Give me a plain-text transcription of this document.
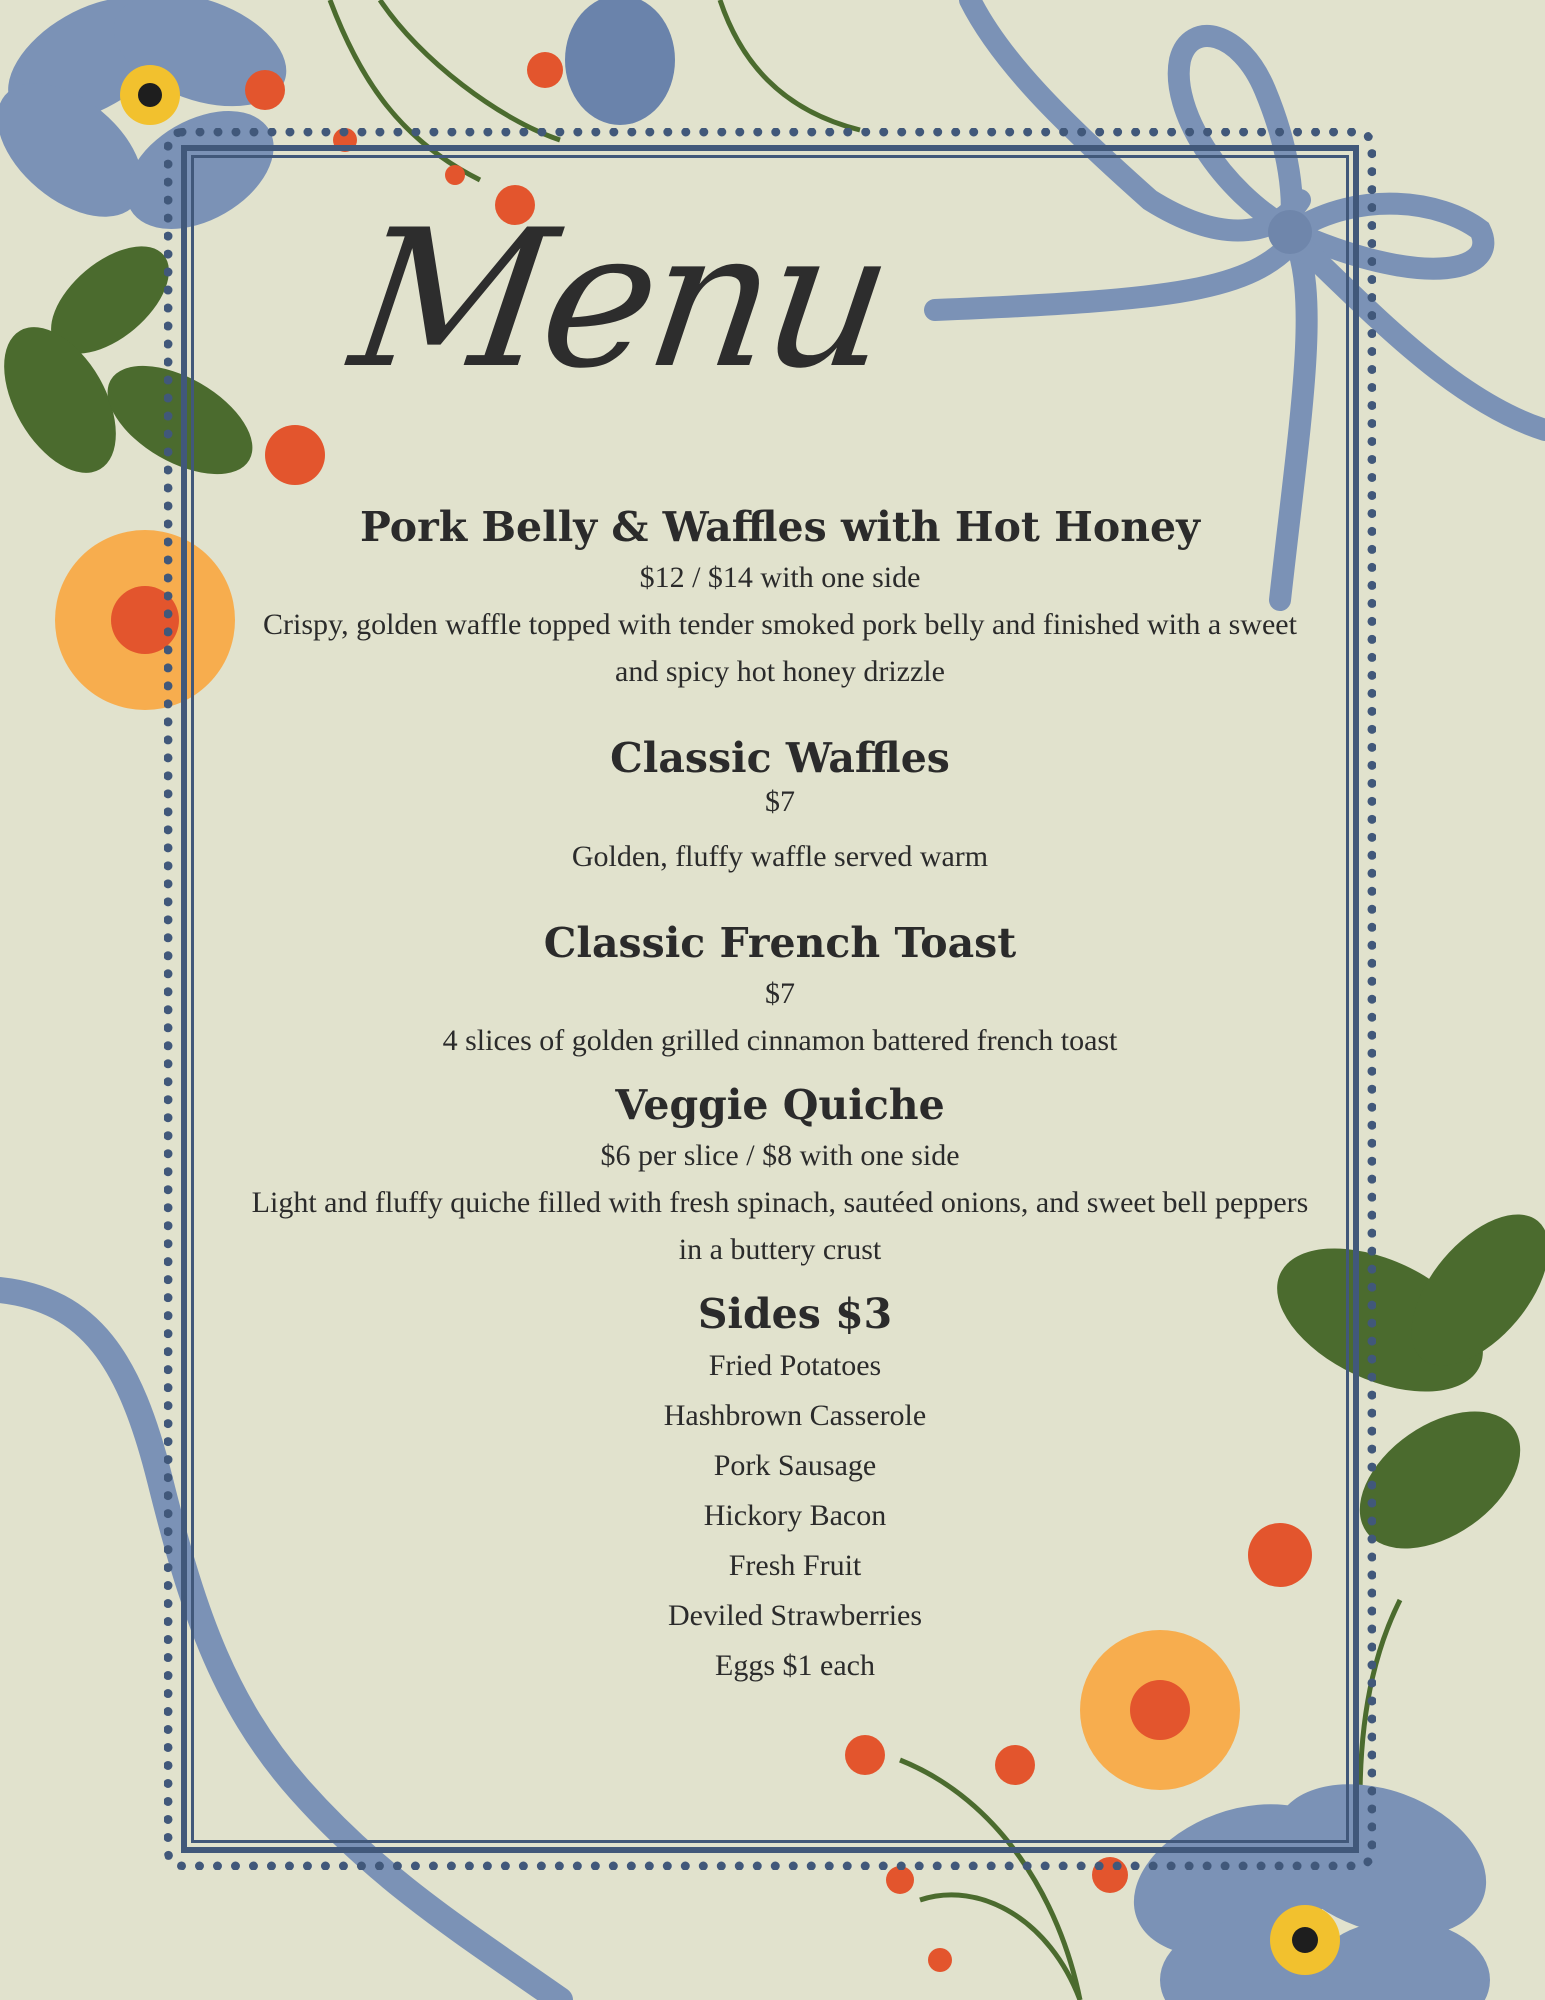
Menu

Pork Belly & Waffles with Hot Honey

$12 / $14 with one side

Crispy, golden waffle topped with tender smoked pork belly and finished with a sweet and spicy hot honey drizzle

Classic Waffles

$7

Golden, fluffy waffle served warm

Classic French Toast

$7

4 slices of golden grilled cinnamon battered french toast

Veggie Quiche

$6 per slice / $8 with one side

Light and fluffy quiche filled with fresh spinach, sautéed onions, and sweet bell peppers in a buttery crust

Sides $3

Fried Potatoes

Hashbrown Casserole

Pork Sausage

Hickory Bacon

Fresh Fruit

Deviled Strawberries

Eggs $1 each
